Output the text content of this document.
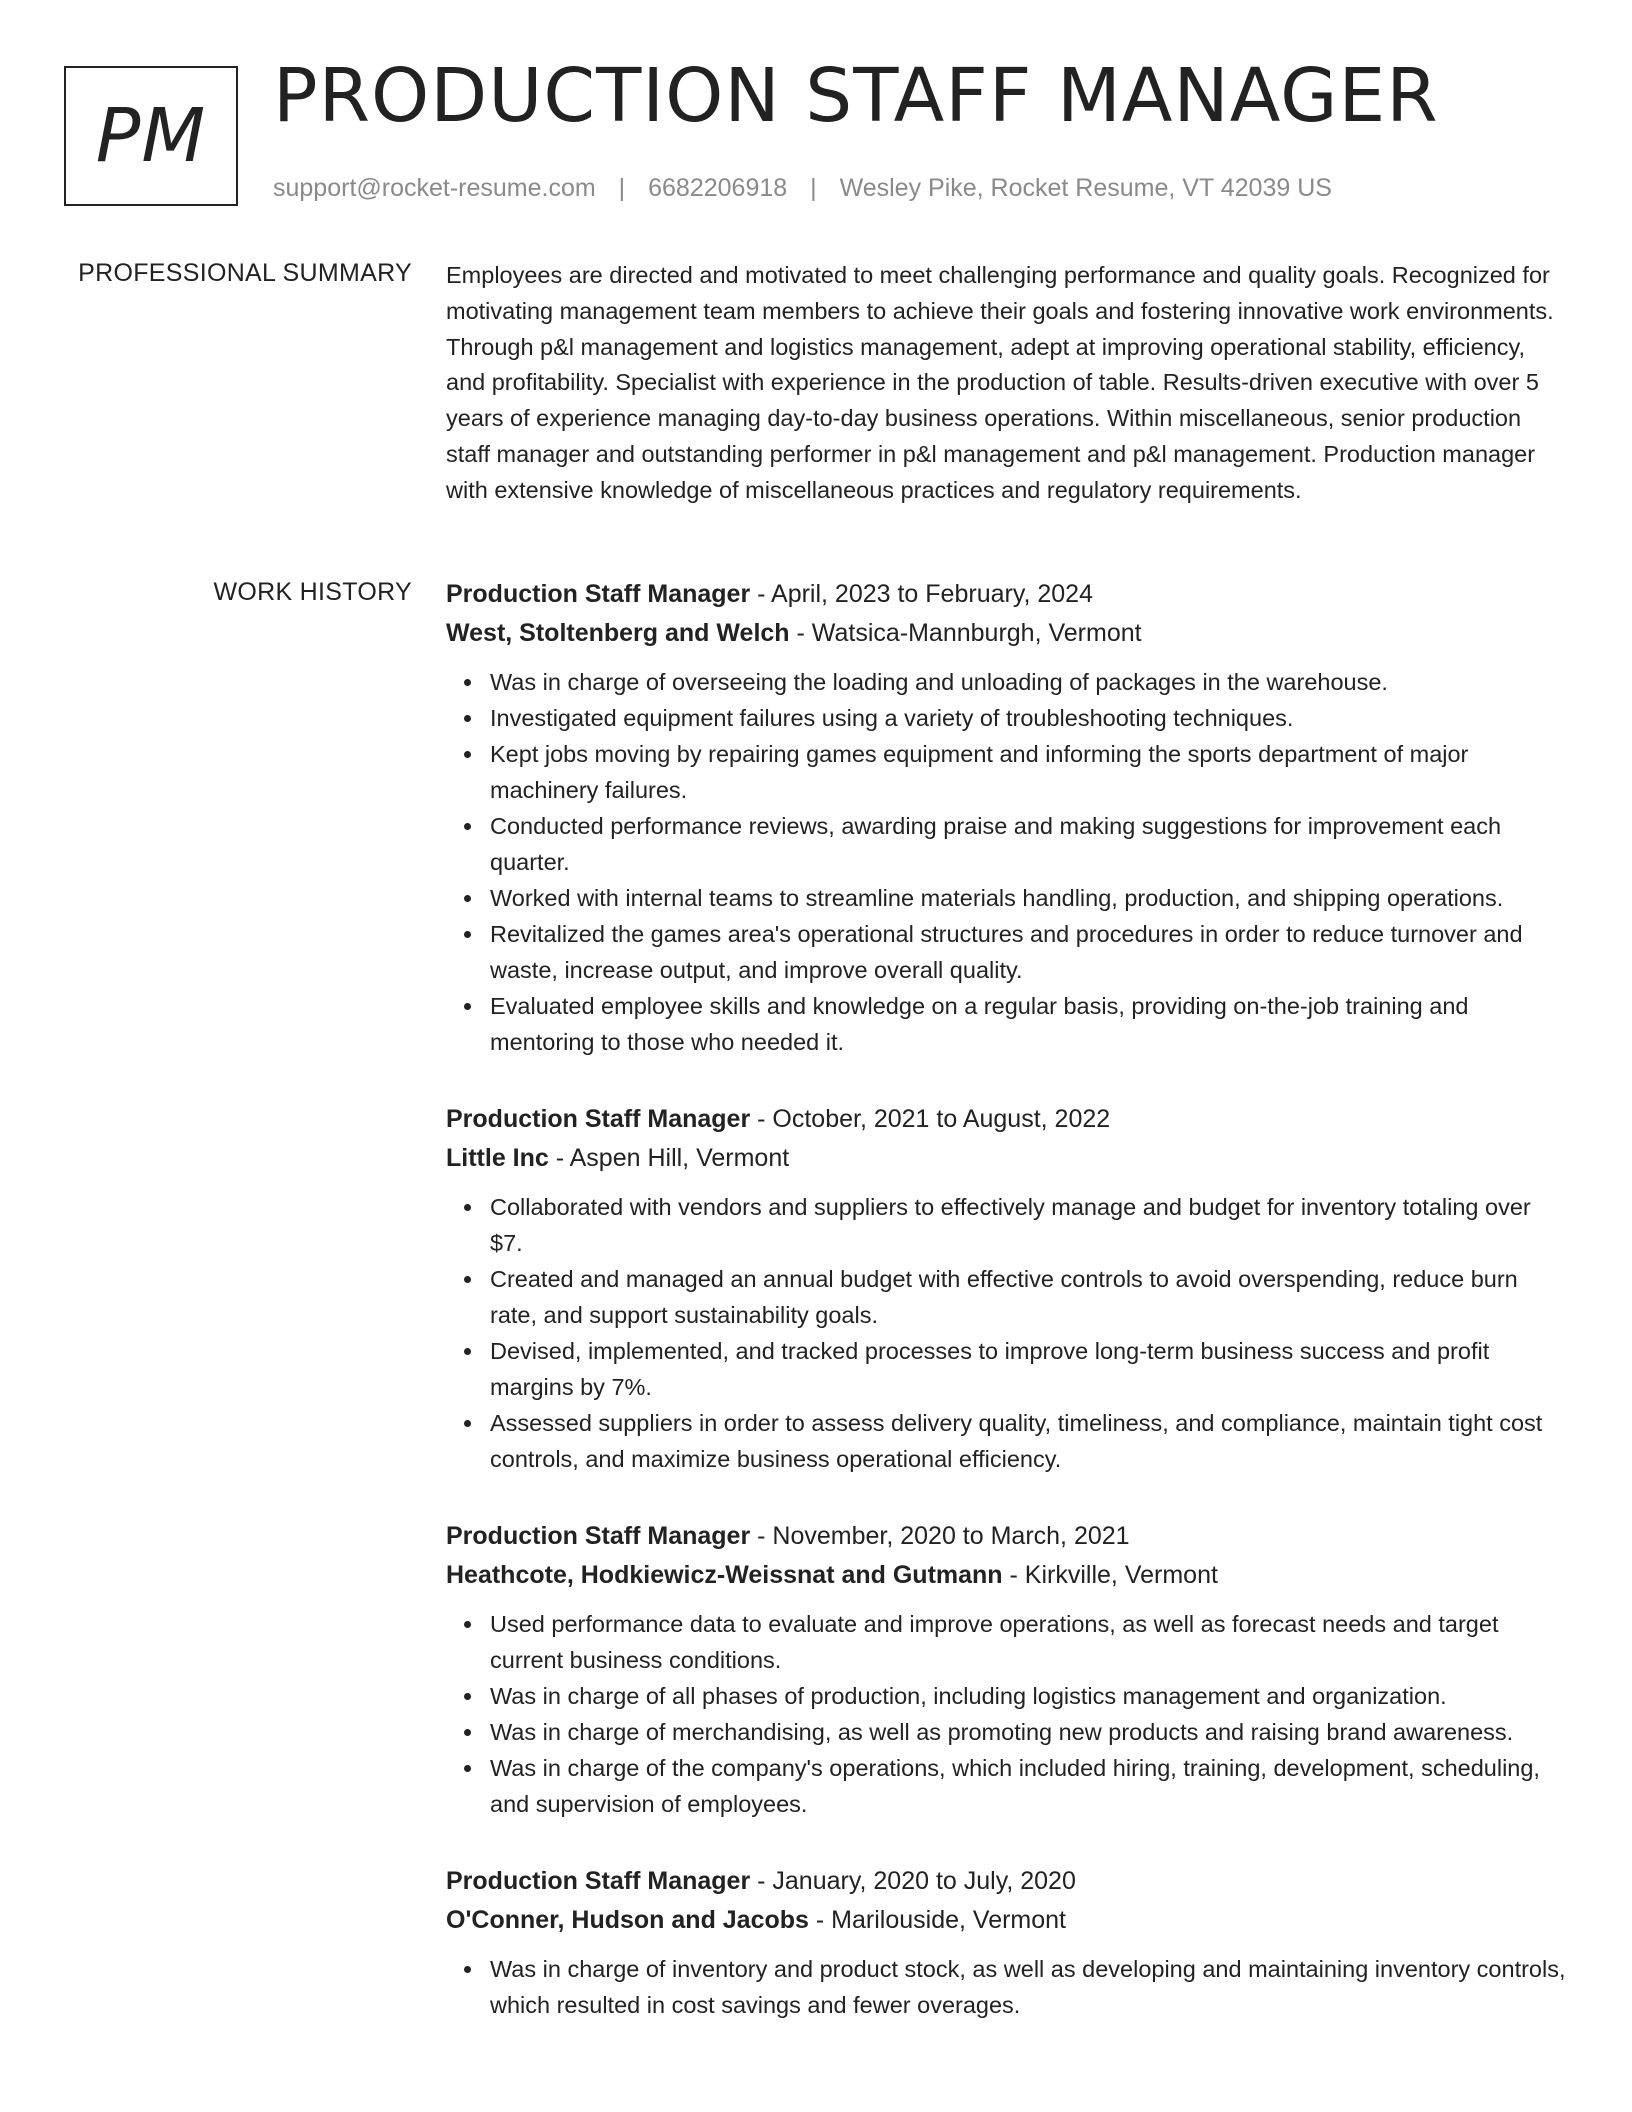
PM PRODUCTION STAFF MANAGER
support@rocket-resume.com | 6682206918 | Wesley Pike, Rocket Resume, VT 42039 US
PROFESSIONAL SUMMARY Employees are directed and motivated to meet challenging performance and quality goals. Recognized for motivating management team members to achieve their goals and fostering innovative work environments. Through p&l management and logistics management, adept at improving operational stability, efficiency, and profitability. Specialist with experience in the production of table. Results-driven executive with over 5 years of experience managing day-to-day business operations. Within miscellaneous, senior production staff manager and outstanding performer in p&l management and p&l management. Production manager with extensive knowledge of miscellaneous practices and regulatory requirements.

WORK HISTORY Production Staff Manager - April, 2023 to February, 2024
West, Stoltenberg and Welch - Watsica-Mannburgh, Vermont
Was in charge of overseeing the loading and unloading of packages in the warehouse.
Investigated equipment failures using a variety of troubleshooting techniques.
Kept jobs moving by repairing games equipment and informing the sports department of major machinery failures.
Conducted performance reviews, awarding praise and making suggestions for improvement each quarter.
Worked with internal teams to streamline materials handling, production, and shipping operations.
Revitalized the games area's operational structures and procedures in order to reduce turnover and waste, increase output, and improve overall quality.
Evaluated employee skills and knowledge on a regular basis, providing on-the-job training and mentoring to those who needed it.
Production Staff Manager - October, 2021 to August, 2022
Little Inc - Aspen Hill, Vermont
Collaborated with vendors and suppliers to effectively manage and budget for inventory totaling over $7.
Created and managed an annual budget with effective controls to avoid overspending, reduce burn rate, and support sustainability goals.
Devised, implemented, and tracked processes to improve long-term business success and profit margins by 7%.
Assessed suppliers in order to assess delivery quality, timeliness, and compliance, maintain tight cost controls, and maximize business operational efficiency.
Production Staff Manager - November, 2020 to March, 2021
Heathcote, Hodkiewicz-Weissnat and Gutmann - Kirkville, Vermont
Used performance data to evaluate and improve operations, as well as forecast needs and target current business conditions.
Was in charge of all phases of production, including logistics management and organization.
Was in charge of merchandising, as well as promoting new products and raising brand awareness.
Was in charge of the company's operations, which included hiring, training, development, scheduling, and supervision of employees.
Production Staff Manager - January, 2020 to July, 2020
O'Conner, Hudson and Jacobs - Marilouside, Vermont
Was in charge of inventory and product stock, as well as developing and maintaining inventory controls, which resulted in cost savings and fewer overages.
